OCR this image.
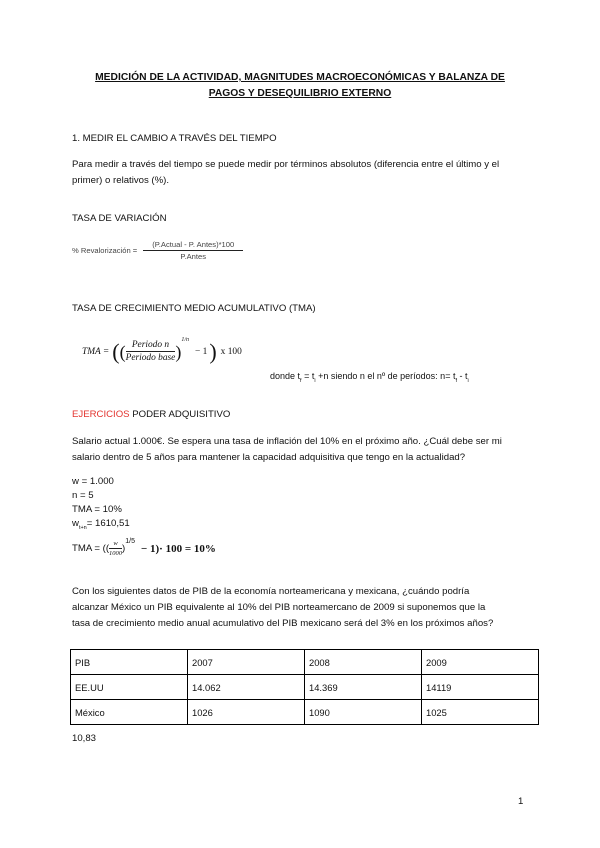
MEDICIÓN DE LA ACTIVIDAD, MAGNITUDES MACROECONÓMICAS Y BALANZA DE
PAGOS Y DESEQUILIBRIO EXTERNO
1. MEDIR EL CAMBIO A TRAVÉS DEL TIEMPO
Para medir a través del tiempo se puede medir por términos absolutos (diferencia entre el último y el
primer) o relativos (%).
TASA DE VARIACIÓN
% Revalorización = $\frac{\text{(P.Actual - P. Antes)*100}}{\text{P.Antes}}$
TASA DE CRECIMIENTO MEDIO ACUMULATIVO (TMA)
TMA = ( ( $\frac{\text{Periodo n}}{\text{Periodo base}}$ )
1/n
− 1 ) x 100
donde $t_f = t_i +n$ siendo n el nº de períodos: $n= t_f - t_i$
EJERCICIOS PODER ADQUISITIVO
Salario actual 1.000€. Se espera una tasa de inflación del 10% en el próximo año. ¿Cuál debe ser mi
salario dentro de 5 años para mantener la capacidad adquisitiva que tengo en la actualidad?
w = 1.000
n = 5
TMA = 10%
$w_{t+n}= 1610,51$
TMA = (( $\frac{w}{1000}$ )
1/5
− 1)· 100 = 10%
Con los siguientes datos de PIB de la economía norteamericana y mexicana, ¿cuándo podría
alcanzar México un PIB equivalente al 10% del PIB norteamercano de 2009 si suponemos que la
tasa de crecimiento medio anual acumulativo del PIB mexicano será del 3% en los próximos años?
PIB	2007	2008	2009
EE.UU	14.062	14.369	14119
México	1026	1090	1025
10,83
1
